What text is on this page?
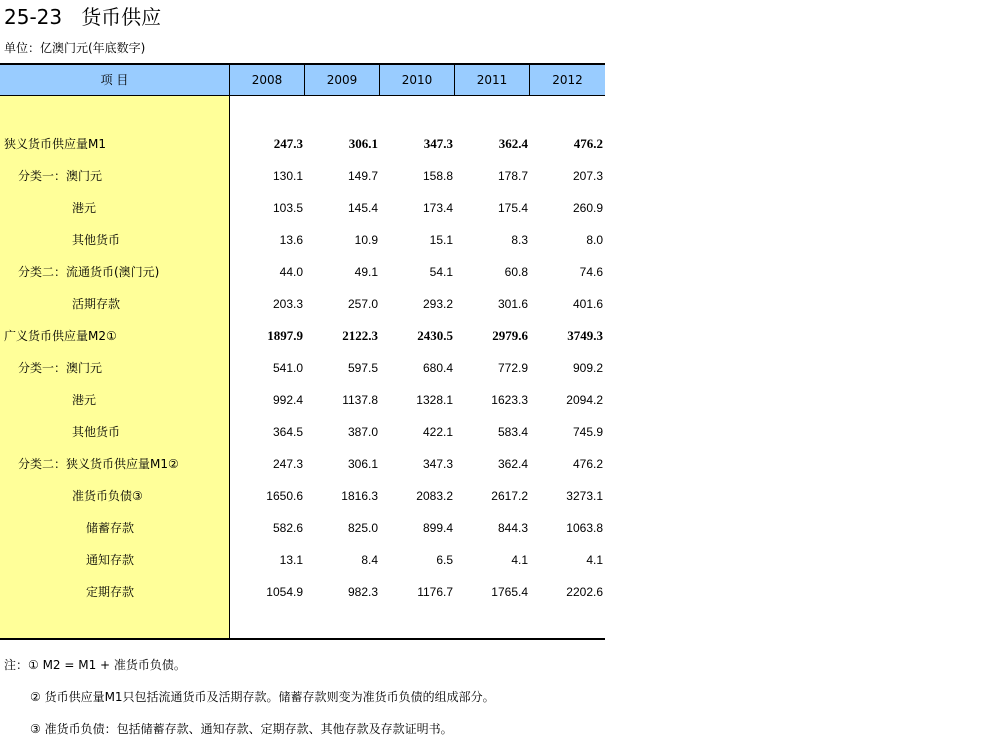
25-23   货币供应
单位：亿澳门元(年底数字)
项 目	2008	2009	2010	2011	2012
狭义货币供应量M1	247.3	306.1	347.3	362.4	476.2
分类一：澳门元	130.1	149.7	158.8	178.7	207.3
港元	103.5	145.4	173.4	175.4	260.9
其他货币	13.6	10.9	15.1	8.3	8.0
分类二：流通货币(澳门元)	44.0	49.1	54.1	60.8	74.6
活期存款	203.3	257.0	293.2	301.6	401.6
广义货币供应量M2①	1897.9	2122.3	2430.5	2979.6	3749.3
分类一：澳门元	541.0	597.5	680.4	772.9	909.2
港元	992.4	1137.8	1328.1	1623.3	2094.2
其他货币	364.5	387.0	422.1	583.4	745.9
分类二：狭义货币供应量M1②	247.3	306.1	347.3	362.4	476.2
准货币负债③	1650.6	1816.3	2083.2	2617.2	3273.1
储蓄存款	582.6	825.0	899.4	844.3	1063.8
通知存款	13.1	8.4	6.5	4.1	4.1
定期存款	1054.9	982.3	1176.7	1765.4	2202.6
注：① M2 = M1 + 准货币负债。
② 货币供应量M1只包括流通货币及活期存款。储蓄存款则变为准货币负债的组成部分。
③ 准货币负债：包括储蓄存款、通知存款、定期存款、其他存款及存款证明书。
